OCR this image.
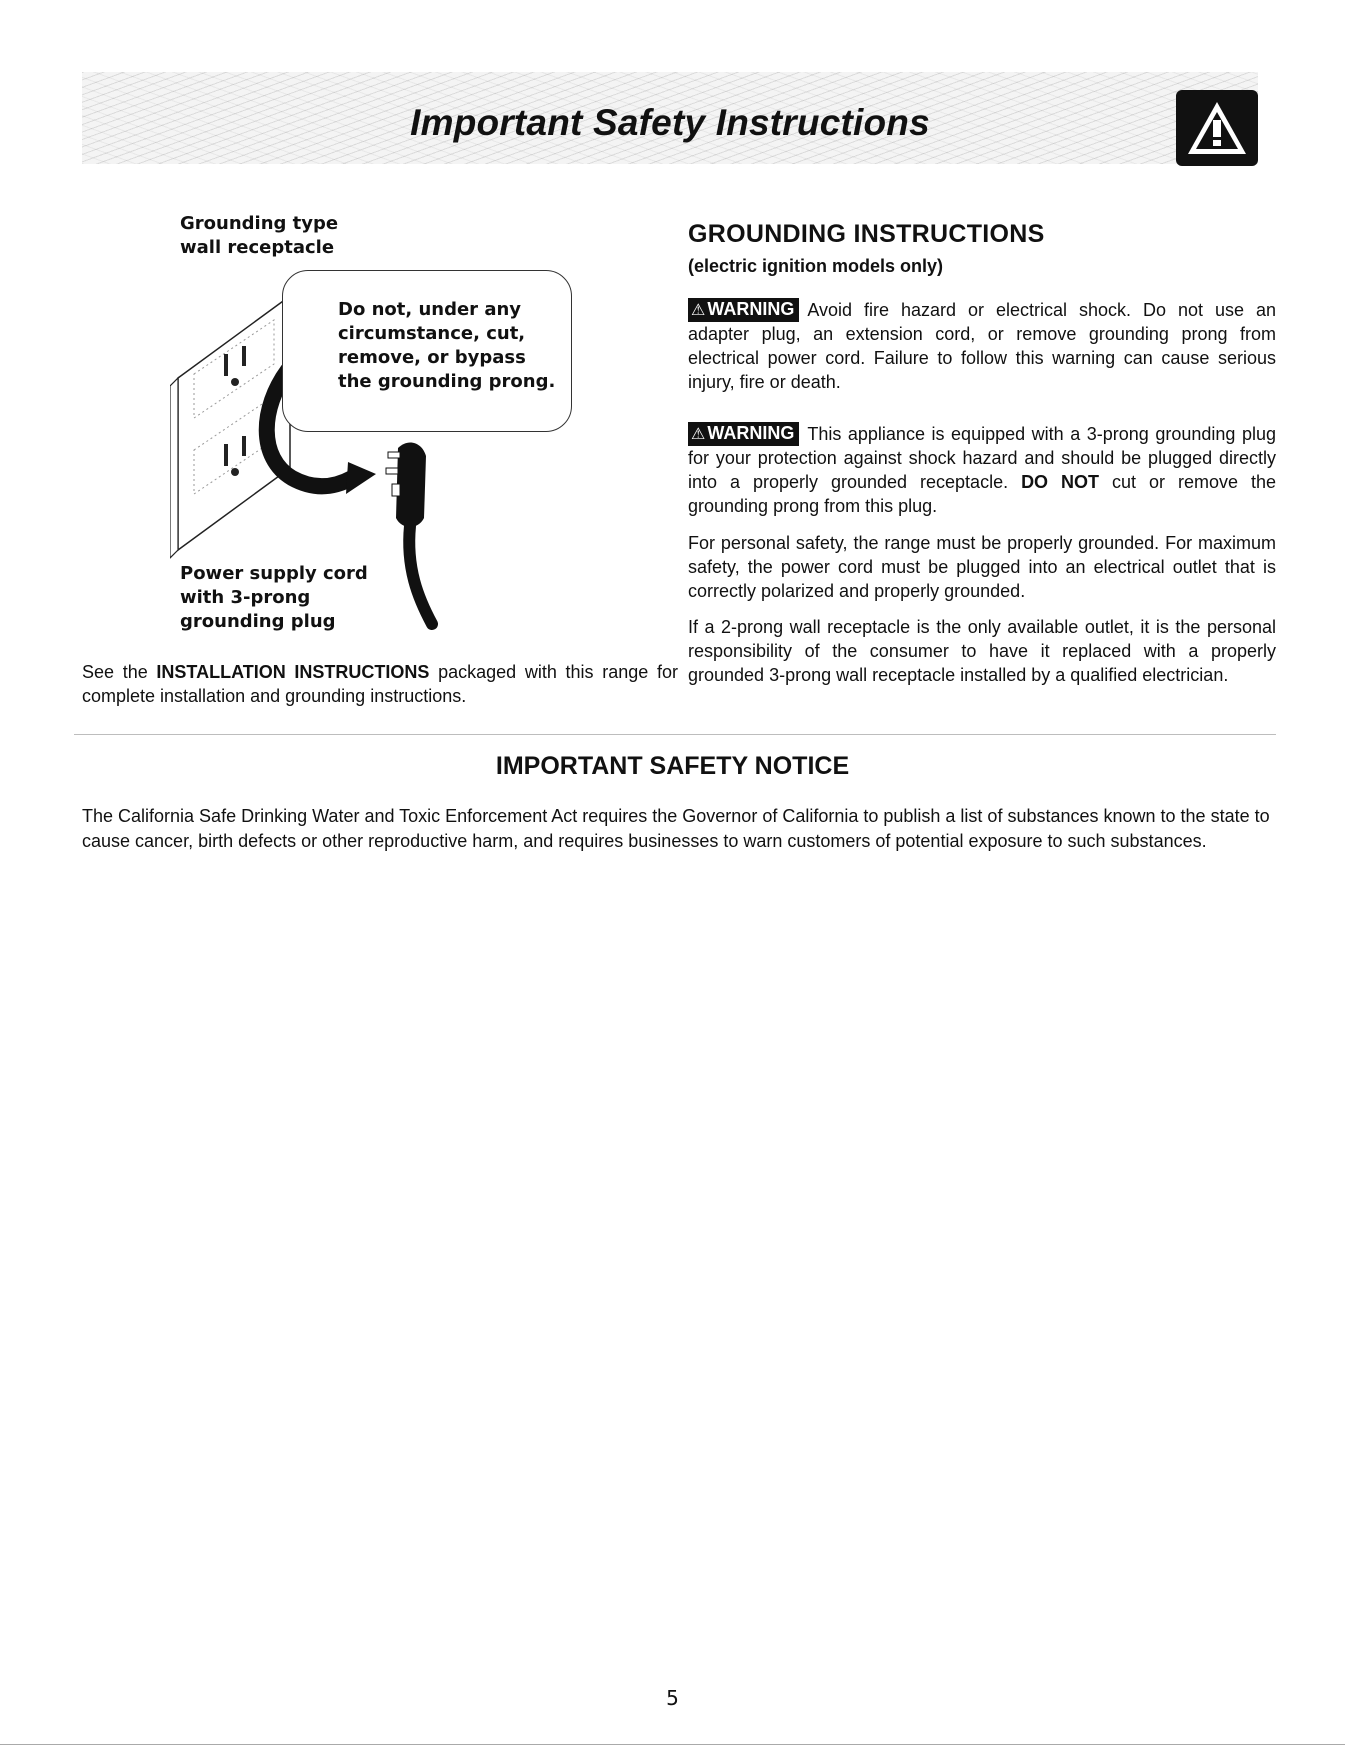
Important Safety Instructions
Grounding type
wall receptacle
Do not, under any
circumstance, cut,
remove, or bypass
the grounding prong.
Power supply cord
with 3-prong
grounding plug
See the INSTALLATION INSTRUCTIONS packaged with this range for complete installation and grounding instructions.
GROUNDING INSTRUCTIONS
(electric ignition models only)
⚠ WARNING Avoid fire hazard or electrical shock. Do not use an adapter plug, an extension cord, or remove grounding prong from electrical power cord. Failure to follow this warning can cause serious injury, fire or death.
⚠ WARNING This appliance is equipped with a 3-prong grounding plug for your protection against shock hazard and should be plugged directly into a properly grounded receptacle. DO NOT cut or remove the grounding prong from this plug.
For personal safety, the range must be properly grounded. For maximum safety, the power cord must be plugged into an electrical outlet that is correctly polarized and properly grounded.
If a 2-prong wall receptacle is the only available outlet, it is the personal responsibility of the consumer to have it replaced with a properly grounded 3-prong wall receptacle installed by a qualified electrician.
IMPORTANT SAFETY NOTICE
The California Safe Drinking Water and Toxic Enforcement Act requires the Governor of California to publish a list of substances known to the state to cause cancer, birth defects or other reproductive harm, and requires businesses to warn customers of potential exposure to such substances.
5
